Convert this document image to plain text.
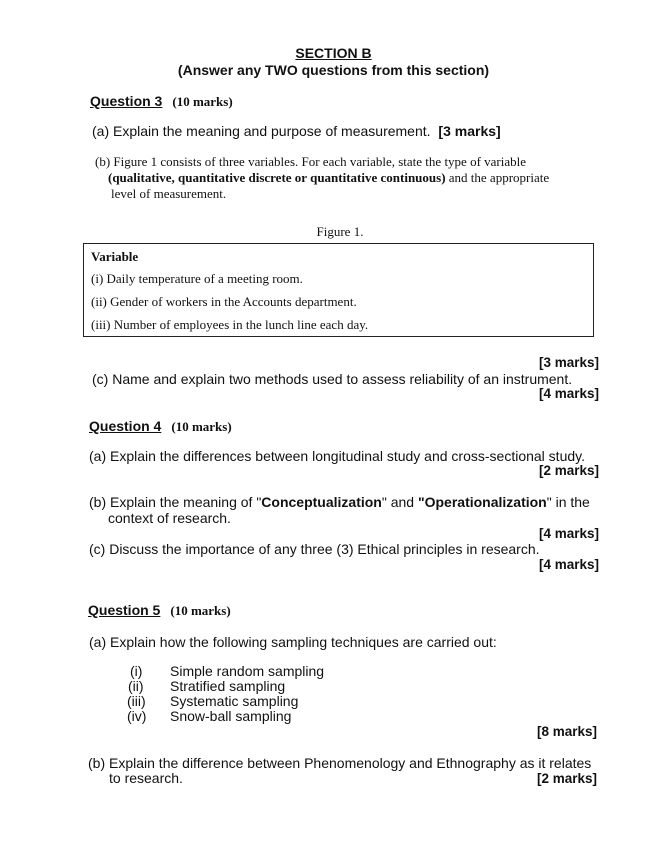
SECTION B
(Answer any TWO questions from this section)
Question 3 (10 marks)
(a) Explain the meaning and purpose of measurement. [3 marks]
(b) Figure 1 consists of three variables. For each variable, state the type of variable
(qualitative, quantitative discrete or quantitative continuous) and the appropriate
level of measurement.
Figure 1.
Variable
(i) Daily temperature of a meeting room.
(ii) Gender of workers in the Accounts department.
(iii) Number of employees in the lunch line each day.
[3 marks]
(c) Name and explain two methods used to assess reliability of an instrument.
[4 marks]
Question 4 (10 marks)
(a) Explain the differences between longitudinal study and cross-sectional study.
[2 marks]
(b) Explain the meaning of "Conceptualization" and "Operationalization" in the
context of research.
[4 marks]
(c) Discuss the importance of any three (3) Ethical principles in research.
[4 marks]
Question 5 (10 marks)
(a) Explain how the following sampling techniques are carried out:
(i) Simple random sampling
(ii) Stratified sampling
(iii) Systematic sampling
(iv) Snow-ball sampling
[8 marks]
(b) Explain the difference between Phenomenology and Ethnography as it relates
to research.	[2 marks]
